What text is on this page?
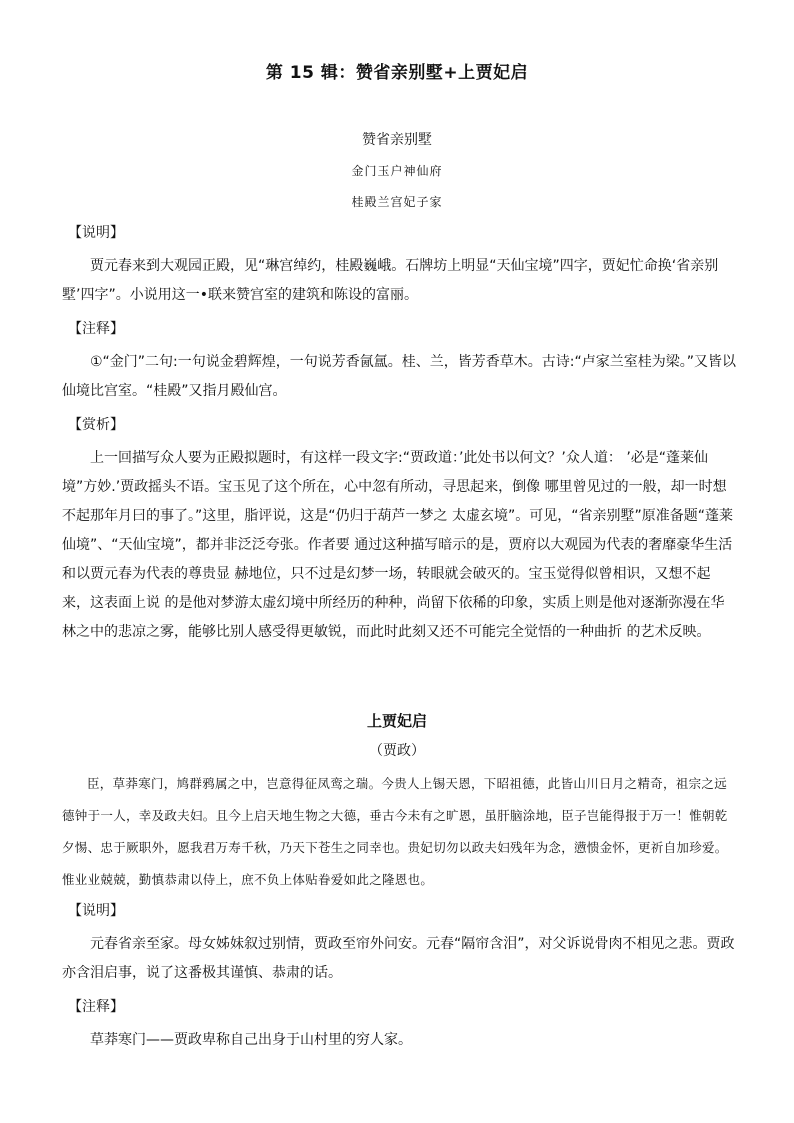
第 15 辑：赞省亲别墅+上贾妃启
赞省亲别墅
金门玉户神仙府
桂殿兰宫妃子家
【说明】
贾元春来到大观园正殿，见“琳宫绰约，桂殿巍峨。石牌坊上明显“天仙宝境”四字，贾妃忙命换‘省亲别墅’四字”。小说用这一•联来赞宫室的建筑和陈设的富丽。
【注释】
①“金门”二句:一句说金碧辉煌，一句说芳香氤氲。桂、兰，皆芳香草木。古诗:“卢家兰室桂为梁。”又皆以仙境比宫室。“桂殿”又指月殿仙宫。
【赏析】
上一回描写众人要为正殿拟题时，有这样一段文字:“贾政道：’此处书以何文？’众人道： ’必是“蓬莱仙境”方妙.’贾政摇头不语。宝玉见了这个所在，心中忽有所动，寻思起来，倒像 哪里曾见过的一般，却一时想不起那年月曰的事了。”这里，脂评说，这是“仍归于葫芦一梦之 太虚玄境”。可见，“省亲别墅”原准备题“蓬莱仙境”、“天仙宝境”，都并非泛泛夸张。作者要 通过这种描写暗示的是，贾府以大观园为代表的奢靡豪华生活和以贾元春为代表的尊贵显 赫地位，只不过是幻梦一场，转眼就会破灭的。宝玉觉得似曾相识，又想不起来，这表面上说 的是他对梦游太虚幻境中所经历的种种，尚留下依稀的印象，实质上则是他对逐渐弥漫在华 林之中的悲凉之雾，能够比别人感受得更敏锐，而此时此刻又还不可能完全觉悟的一种曲折 的艺术反映。
上贾妃启
（贾政）
臣，草莽寒门，鸠群鸦属之中，岂意得征凤鸾之瑞。今贵人上锡天恩，下昭祖德，此皆山川日月之精奇，祖宗之远德钟于一人，幸及政夫妇。且今上启天地生物之大德，垂古今未有之旷恩，虽肝脑涂地，臣子岂能得报于万一！惟朝乾夕惕、忠于厥职外，愿我君万寿千秋，乃天下苍生之同幸也。贵妃切勿以政夫妇残年为念，懑愦金怀，更祈自加珍爱。惟业业兢兢，勤慎恭肃以侍上，庶不负上体贴眷爱如此之隆恩也。
【说明】
元春省亲至家。母女姊妹叙过别情，贾政至帘外问安。元春“隔帘含泪”，对父诉说骨肉不相见之悲。贾政亦含泪启事，说了这番极其谨慎、恭肃的话。
【注释】
草莽寒门——贾政卑称自己出身于山村里的穷人家。
